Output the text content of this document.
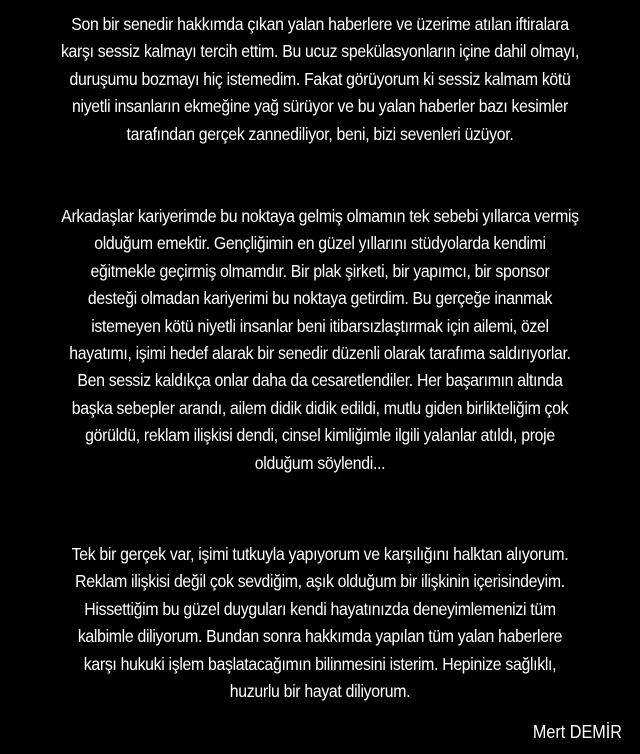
Son bir senedir hakkımda çıkan yalan haberlere ve üzerime atılan iftiralara
karşı sessiz kalmayı tercih ettim. Bu ucuz spekülasyonların içine dahil olmayı,
duruşumu bozmayı hiç istemedim. Fakat görüyorum ki sessiz kalmam kötü
niyetli insanların ekmeğine yağ sürüyor ve bu yalan haberler bazı kesimler
tarafından gerçek zannediliyor, beni, bizi sevenleri üzüyor.
Arkadaşlar kariyerimde bu noktaya gelmiş olmamın tek sebebi yıllarca vermiş
olduğum emektir. Gençliğimin en güzel yıllarını stüdyolarda kendimi
eğitmekle geçirmiş olmamdır. Bir plak şirketi, bir yapımcı, bir sponsor
desteği olmadan kariyerimi bu noktaya getirdim. Bu gerçeğe inanmak
istemeyen kötü niyetli insanlar beni itibarsızlaştırmak için ailemi, özel
hayatımı, işimi hedef alarak bir senedir düzenli olarak tarafıma saldırıyorlar.
Ben sessiz kaldıkça onlar daha da cesaretlendiler. Her başarımın altında
başka sebepler arandı, ailem didik didik edildi, mutlu giden birlikteliğim çok
görüldü, reklam ilişkisi dendi, cinsel kimliğimle ilgili yalanlar atıldı, proje
olduğum söylendi...
Tek bir gerçek var, işimi tutkuyla yapıyorum ve karşılığını halktan alıyorum.
Reklam ilişkisi değil çok sevdiğim, aşık olduğum bir ilişkinin içerisindeyim.
Hissettiğim bu güzel duyguları kendi hayatınızda deneyimlemenizi tüm
kalbimle diliyorum. Bundan sonra hakkımda yapılan tüm yalan haberlere
karşı hukuki işlem başlatacağımın bilinmesini isterim. Hepinize sağlıklı,
huzurlu bir hayat diliyorum.
Mert DEMİR
